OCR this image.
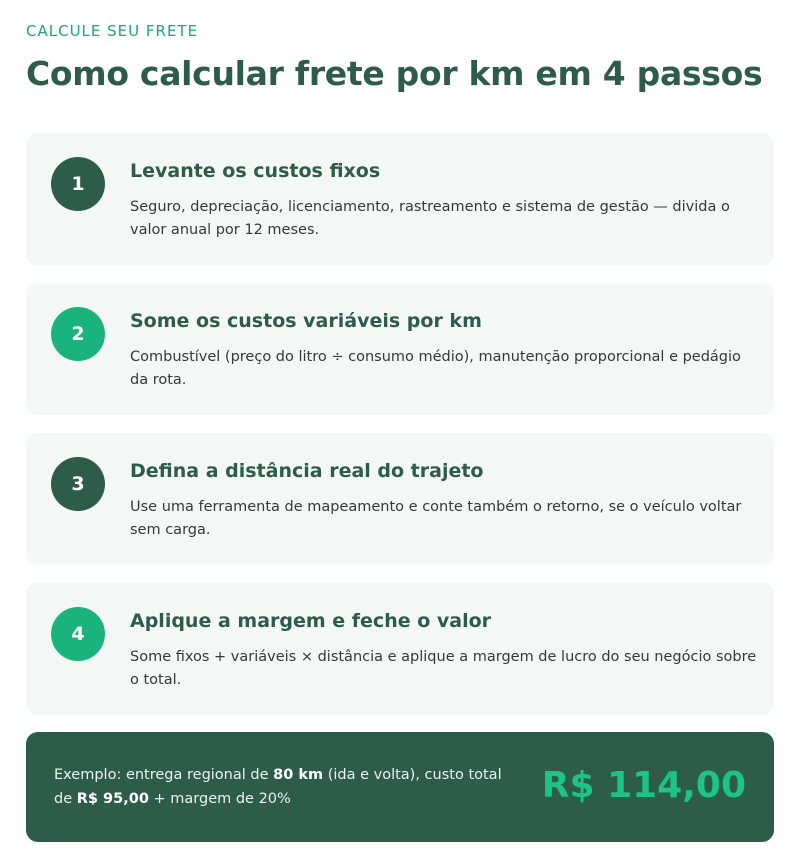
CALCULE SEU FRETE
Como calcular frete por km em 4 passos
1
Levante os custos fixos
Seguro, depreciação, licenciamento, rastreamento e sistema de gestão — divida o valor anual por 12 meses.
2
Some os custos variáveis por km
Combustível (preço do litro ÷ consumo médio), manutenção proporcional e pedágio da rota.
3
Defina a distância real do trajeto
Use uma ferramenta de mapeamento e conte também o retorno, se o veículo voltar sem carga.
4
Aplique a margem e feche o valor
Some fixos + variáveis × distância e aplique a margem de lucro do seu negócio sobre o total.
Exemplo: entrega regional de 80 km (ida e volta), custo total de R$ 95,00 + margem de 20%	R$ 114,00
